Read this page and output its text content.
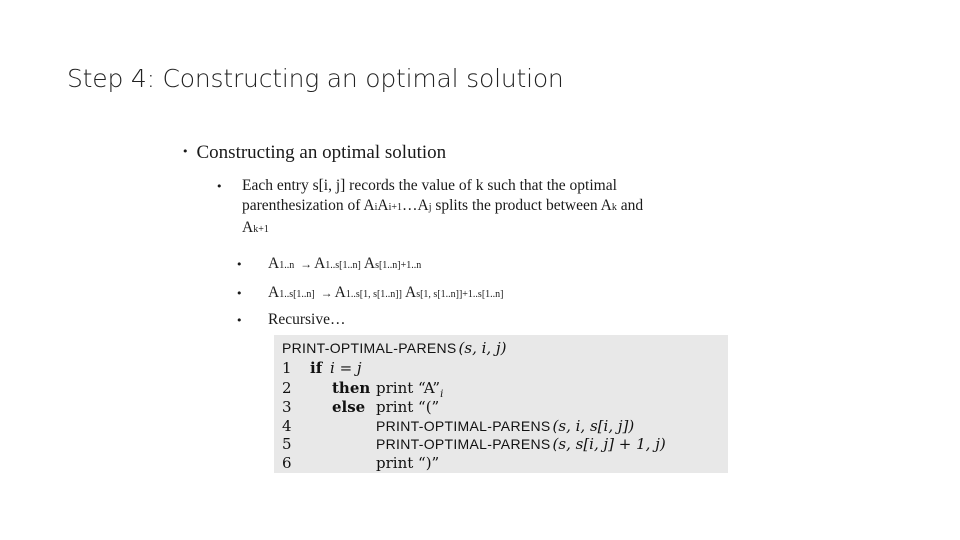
Step 4: Constructing an optimal solution
• Constructing an optimal solution
•	Each entry s[i, j] records the value of k such that the optimal
parenthesization of AiAi+1…Aj splits the product between Ak and
Ak+1
•	A1..n → A1..s[1..n] As[1..n]+1..n
•	A1..s[1..n] → A1..s[1, s[1..n]] As[1, s[1..n]]+1..s[1..n]
•	Recursive…
PRINT-OPTIMAL-PARENS (s, i, j)
1 if i = j
2	then print “$A”_i$
3	else print “(”
4	PRINT-OPTIMAL-PARENS (s, i, s[i, j])
5	PRINT-OPTIMAL-PARENS (s, s[i, j] + 1, j)
6	print “)”
